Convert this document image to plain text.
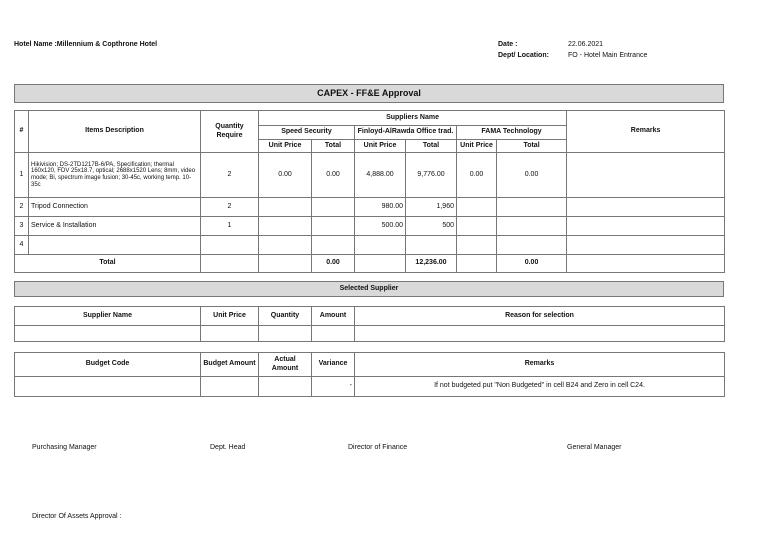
Hotel Name :Millennium & Copthrone Hotel	Date :	22.06.2021
Dept/ Location:	FO - Hotel Main Entrance
CAPEX - FF&E Approval
#	Items Description	Quantity Require	Suppliers Name						Remarks
			Speed Security		Finloyd-AlRawda Office trad.		FAMA Technology		
			Unit Price	Total	Unit Price	Total	Unit Price	Total	
1	Hikivision; DS-2TD1217B-6/PA, Specification; thermal 160x120, FDV 25x18.7, optical; 2688x1520 Lens; 8mm, video mode; Bi, spectrum image fusion; 30-45c, working temp. 10-35c	2	0.00	0.00	4,888.00	9,776.00	0.00	0.00	
2	Tripod Connection	2			980.00	1,960			
3	Service & Installation	1			500.00	500			
4									
Total				0.00		12,236.00		0.00	
Selected Supplier
Supplier Name	Unit Price	Quantity	Amount	Reason for selection

Budget Code	Budget Amount	Actual Amount	Variance	Remarks
			-	If not budgeted put "Non Budgeted" in cell B24 and Zero in cell C24.
Purchasing Manager	Dept. Head	Director of Finance	General Manager
Director Of Assets Approval :
